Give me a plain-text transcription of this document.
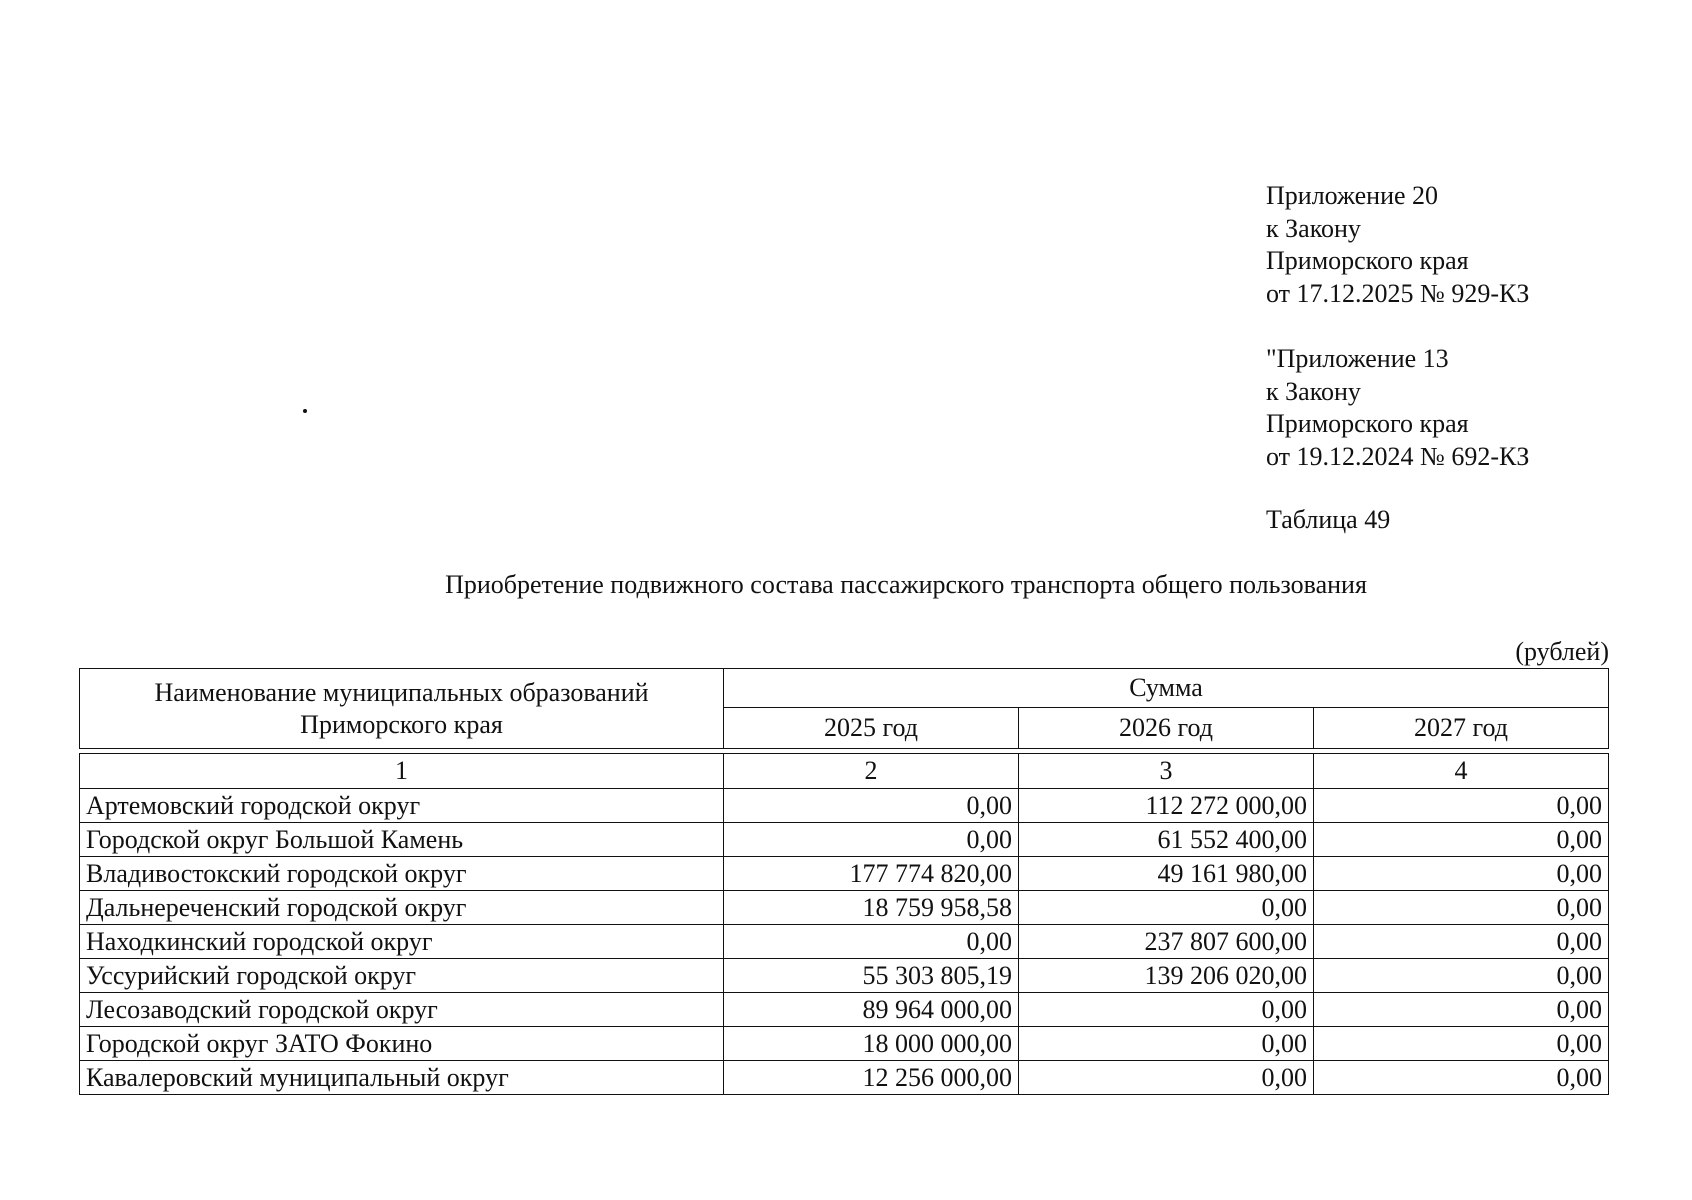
Приложение 20
к Закону
Приморского края
от 17.12.2025 № 929-КЗ
"Приложение 13
к Закону
Приморского края
от 19.12.2024 № 692-КЗ
Таблица 49
Приобретение подвижного состава пассажирского транспорта общего пользования
(рублей)
Наименование муниципальных образований Приморского края	Сумма		
	2025 год	2026 год	2027 год

1	2	3	4
Артемовский городской округ	0,00	112 272 000,00	0,00
Городской округ Большой Камень	0,00	61 552 400,00	0,00
Владивостокский городской округ	177 774 820,00	49 161 980,00	0,00
Дальнереченский городской округ	18 759 958,58	0,00	0,00
Находкинский городской округ	0,00	237 807 600,00	0,00
Уссурийский городской округ	55 303 805,19	139 206 020,00	0,00
Лесозаводский городской округ	89 964 000,00	0,00	0,00
Городской округ ЗАТО Фокино	18 000 000,00	0,00	0,00
Кавалеровский муниципальный округ	12 256 000,00	0,00	0,00
